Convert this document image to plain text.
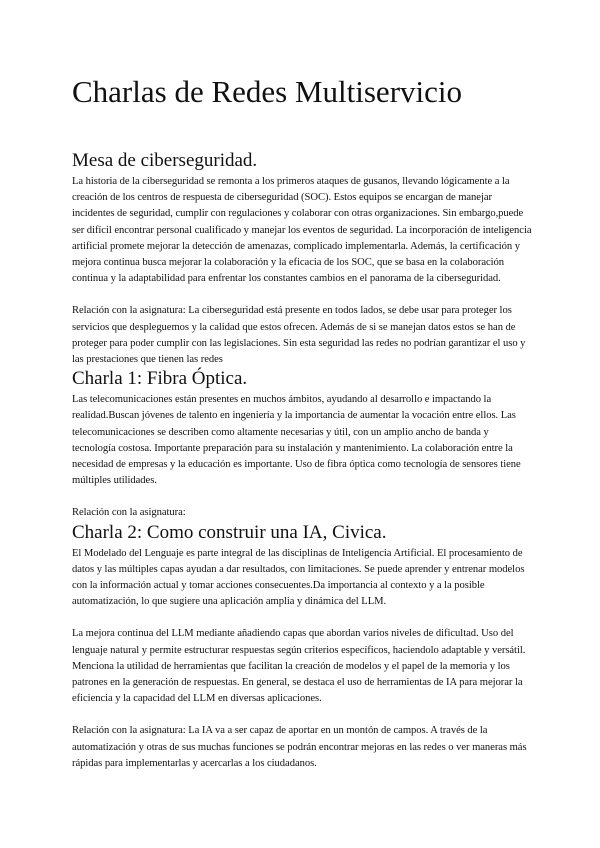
Charlas de Redes Multiservicio
Mesa de ciberseguridad.

La historia de la ciberseguridad se remonta a los primeros ataques de gusanos, llevando lógicamente a la creación de los centros de respuesta de ciberseguridad (SOC). Estos equipos se encargan de manejar incidentes de seguridad, cumplir con regulaciones y colaborar con otras organizaciones. Sin embargo,puede ser difícil encontrar personal cualificado y manejar los eventos de seguridad. La incorporación de inteligencia artificial promete mejorar la detección de amenazas, complicado implementarla. Además, la certificación y mejora continua busca mejorar la colaboración y la eficacia de los SOC, que se basa en la colaboración continua y la adaptabilidad para enfrentar los constantes cambios en el panorama de la ciberseguridad.

Relación con la asignatura: La ciberseguridad está presente en todos lados, se debe usar para proteger los servicios que despleguemos y la calidad que estos ofrecen. Además de si se manejan datos estos se han de proteger para poder cumplir con las legislaciones. Sin esta seguridad las redes no podrían garantizar el uso y las prestaciones que tienen las redes

Charla 1: Fibra Óptica.

Las telecomunicaciones están presentes en muchos ámbitos, ayudando al desarrollo e impactando la realidad.Buscan jóvenes de talento en ingeniería y la importancia de aumentar la vocación entre ellos. Las telecomunicaciones se describen como altamente necesarias y útil, con un amplio ancho de banda y tecnología costosa. Importante preparación para su instalación y mantenimiento. La colaboración entre la necesidad de empresas y la educación es importante. Uso de fibra óptica como tecnología de sensores tiene múltiples utilidades.

Relación con la asignatura:

Charla 2: Como construir una IA, Civica.

El Modelado del Lenguaje es parte integral de las disciplinas de Inteligencia Artificial. El procesamiento de datos y las múltiples capas ayudan a dar resultados, con limitaciones. Se puede aprender y entrenar modelos con la información actual y tomar acciones consecuentes.Da importancia al contexto y a la posible automatización, lo que sugiere una aplicación amplia y dinámica del LLM.

La mejora continua del LLM mediante añadiendo capas que abordan varios niveles de dificultad. Uso del lenguaje natural y permite estructurar respuestas según criterios específicos, haciendolo adaptable y versátil. Menciona la utilidad de herramientas que facilitan la creación de modelos y el papel de la memoria y los patrones en la generación de respuestas. En general, se destaca el uso de herramientas de IA para mejorar la eficiencia y la capacidad del LLM en diversas aplicaciones.

Relación con la asignatura: La IA va a ser capaz de aportar en un montón de campos. A través de la automatización y otras de sus muchas funciones se podrán encontrar mejoras en las redes o ver maneras más rápidas para implementarlas y acercarlas a los ciudadanos.
